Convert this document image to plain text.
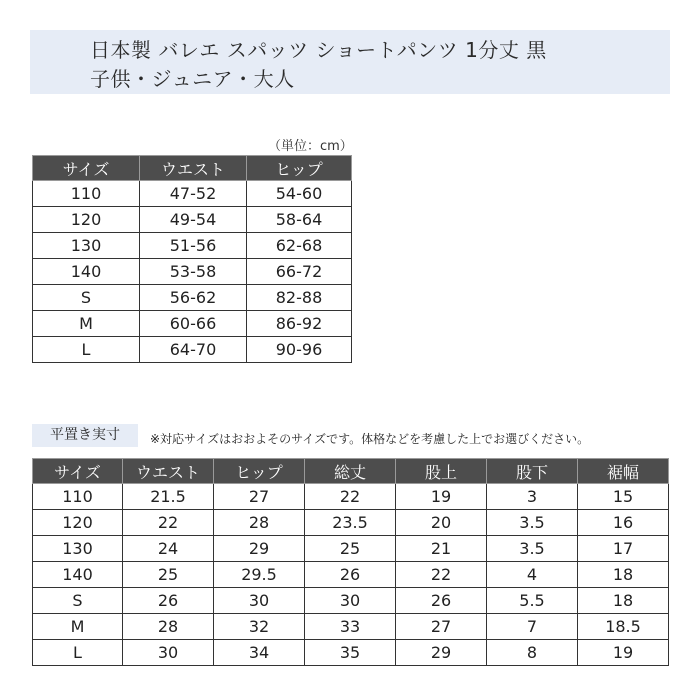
日本製 バレエ スパッツ ショートパンツ 1分丈 黒
子供・ジュニア・大人
（単位：cm）
サイズ	ウエスト	ヒップ
110	47-52	54-60
120	49-54	58-64
130	51-56	62-68
140	53-58	66-72
S	56-62	82-88
M	60-66	86-92
L	64-70	90-96
平置き実寸	※対応サイズはおおよそのサイズです。体格などを考慮した上でお選びください。
サイズ	ウエスト	ヒップ	総丈	股上	股下	裾幅
110	21.5	27	22	19	3	15
120	22	28	23.5	20	3.5	16
130	24	29	25	21	3.5	17
140	25	29.5	26	22	4	18
S	26	30	30	26	5.5	18
M	28	32	33	27	7	18.5
L	30	34	35	29	8	19
